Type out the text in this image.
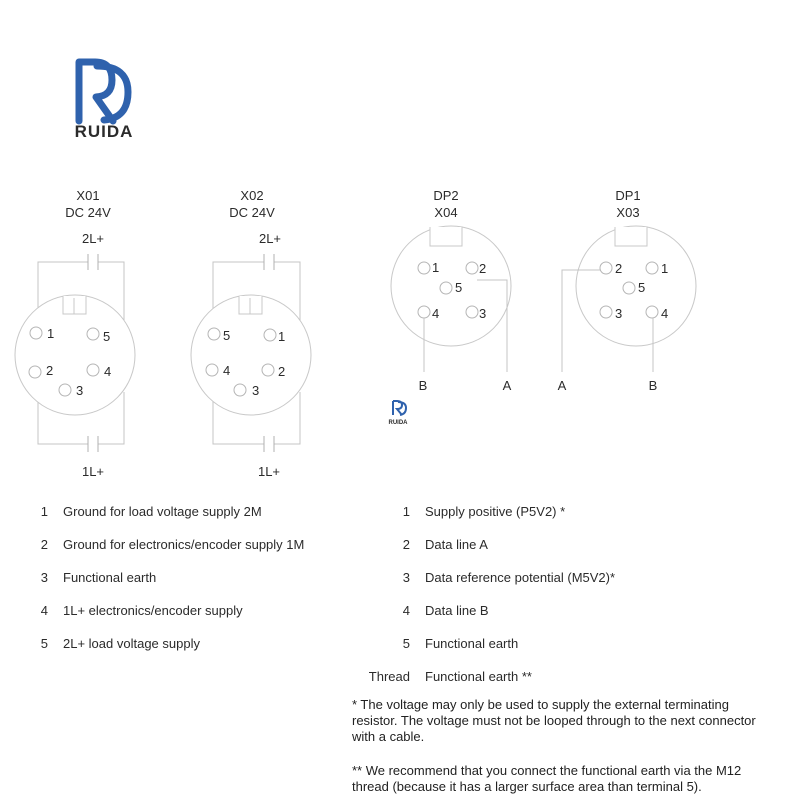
RUIDA
RUIDA
X01
DC 24V
2L+
1L+
1	5
2	4
3
X02
DC 24V
2L+
1L+
5	1
4	2
3
DP2
X04
1	2
5
4	3
B	A
DP1
X03
2	1
5
3	4
A	B
1 Ground for load voltage supply 2M
2 Ground for electronics/encoder supply 1M
3 Functional earth
4 1L+ electronics/encoder supply
5 2L+ load voltage supply
1 Supply positive (P5V2) *
2 Data line A
3 Data reference potential (M5V2)*
4 Data line B
5 Functional earth
Thread Functional earth **
* The voltage may only be used to supply the external terminating resistor. The voltage must not be looped through to the next connector with a cable.
** We recommend that you connect the functional earth via the M12 thread (because it has a larger surface area than terminal 5).
